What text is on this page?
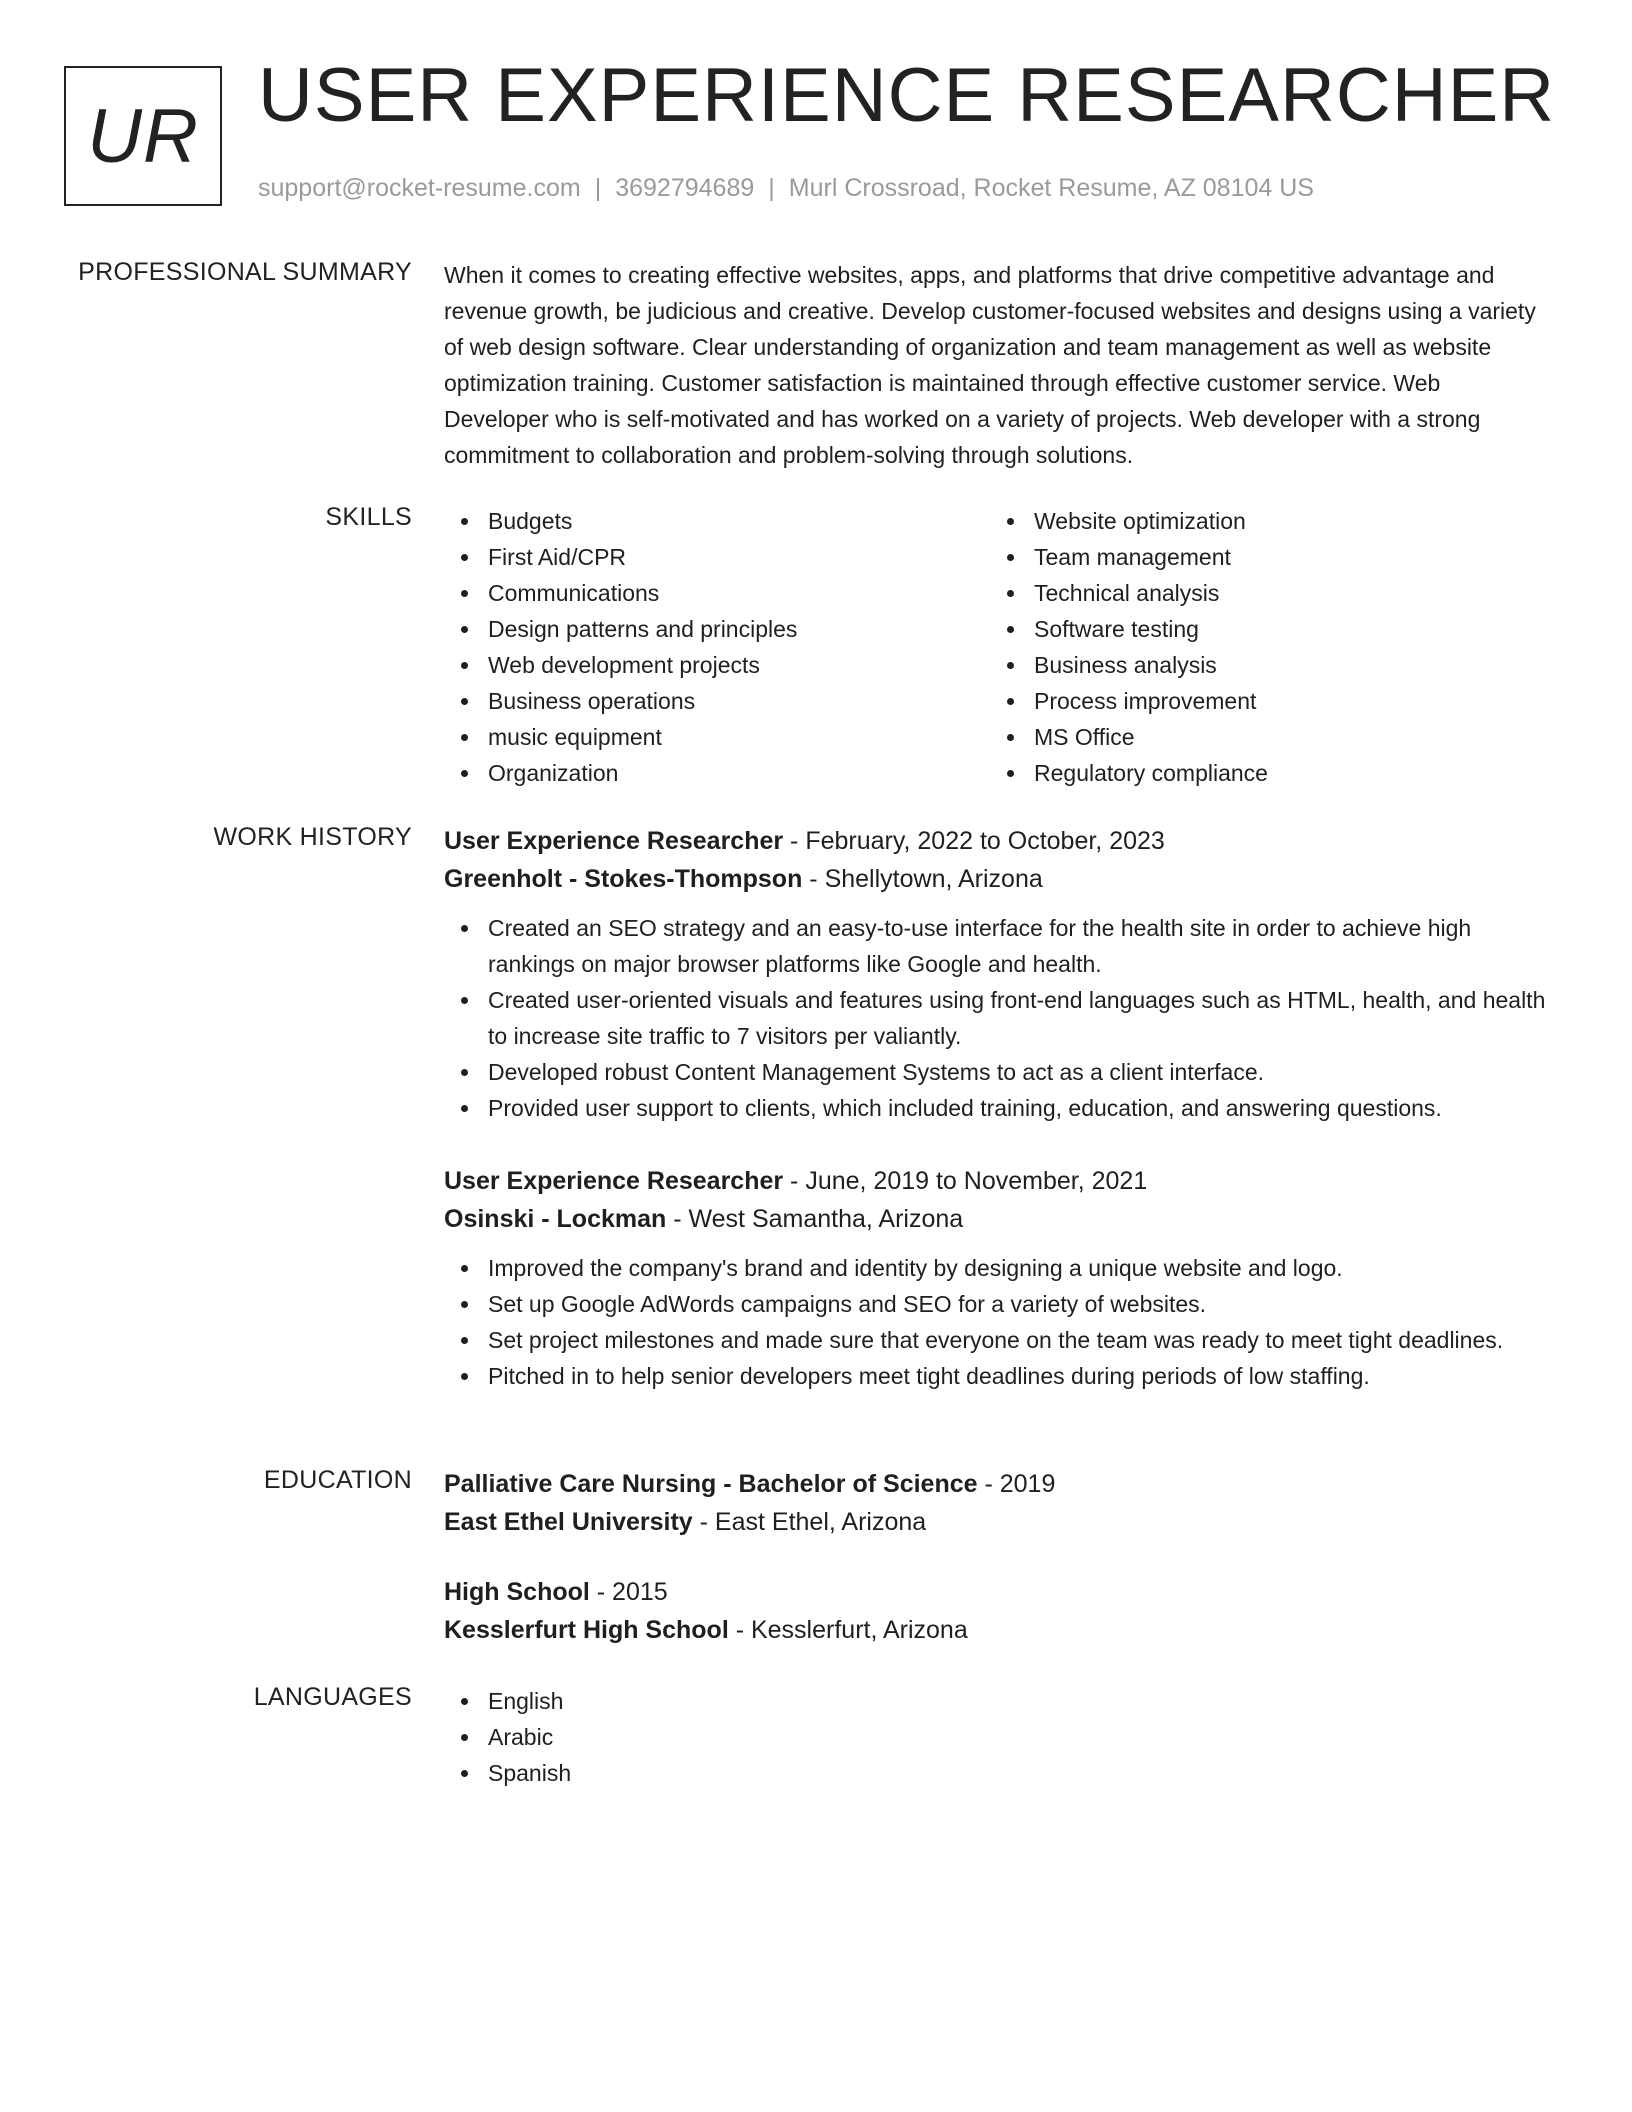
UR USER EXPERIENCE RESEARCHER
support@rocket-resume.com | 3692794689 | Murl Crossroad, Rocket Resume, AZ 08104 US
PROFESSIONAL SUMMARY When it comes to creating effective websites, apps, and platforms that drive competitive advantage and revenue growth, be judicious and creative. Develop customer-focused websites and designs using a variety of web design software. Clear understanding of organization and team management as well as website optimization training. Customer satisfaction is maintained through effective customer service. Web Developer who is self-motivated and has worked on a variety of projects. Web developer with a strong commitment to collaboration and problem-solving through solutions.

SKILLS	Budgets
First Aid/CPR
Communications
Design patterns and principles
Web development projects
Business operations
music equipment
Organization
Website optimization
Team management
Technical analysis
Software testing
Business analysis
Process improvement
MS Office
Regulatory compliance
WORK HISTORY User Experience Researcher - February, 2022 to October, 2023
Greenholt - Stokes-Thompson - Shellytown, Arizona
Created an SEO strategy and an easy-to-use interface for the health site in order to achieve high rankings on major browser platforms like Google and health.
Created user-oriented visuals and features using front-end languages such as HTML, health, and health to increase site traffic to 7 visitors per valiantly.
Developed robust Content Management Systems to act as a client interface.
Provided user support to clients, which included training, education, and answering questions.
User Experience Researcher - June, 2019 to November, 2021
Osinski - Lockman - West Samantha, Arizona
Improved the company's brand and identity by designing a unique website and logo.
Set up Google AdWords campaigns and SEO for a variety of websites.
Set project milestones and made sure that everyone on the team was ready to meet tight deadlines.
Pitched in to help senior developers meet tight deadlines during periods of low staffing.
EDUCATION Palliative Care Nursing - Bachelor of Science - 2019
East Ethel University - East Ethel, Arizona
High School - 2015
Kesslerfurt High School - Kesslerfurt, Arizona
LANGUAGES	English
Arabic
Spanish
